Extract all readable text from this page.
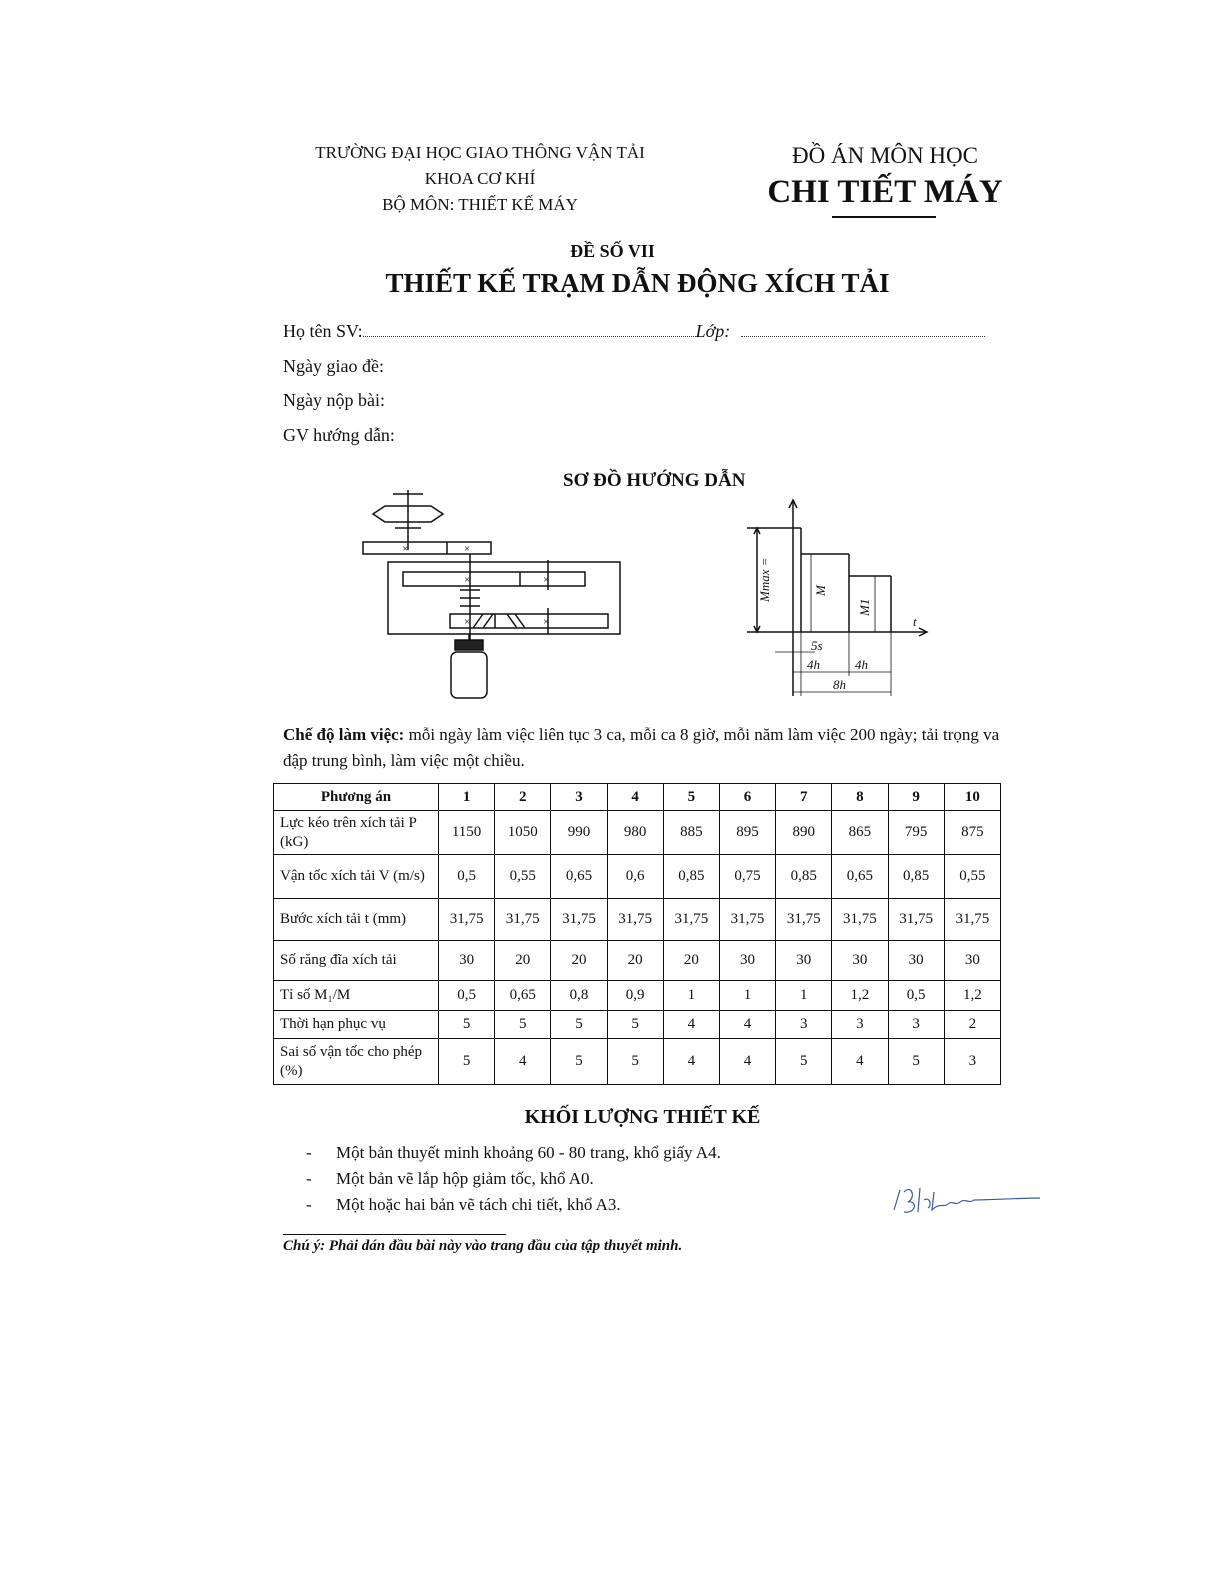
TRƯỜNG ĐẠI HỌC GIAO THÔNG VẬN TẢI
KHOA CƠ KHÍ
BỘ MÔN: THIẾT KẾ MÁY
ĐỒ ÁN MÔN HỌC
CHI TIẾT MÁY
ĐỀ SỐ VII
THIẾT KẾ TRẠM DẪN ĐỘNG XÍCH TẢI
Họ tên SV:	Lớp:
Ngày giao đề:
Ngày nộp bài:
GV hướng dẫn:
SƠ ĐỒ HƯỚNG DẪN
×	×
×	×
×	×
Mmax =	M
M1
t
5s
4h	4h
8h
Chế độ làm việc: mỗi ngày làm việc liên tục 3 ca, mỗi ca 8 giờ, mỗi năm làm việc 200 ngày; tải trọng va đập trung bình, làm việc một chiều.
Phương án	1	2	3	4	5	6	7	8	9	10
Lực kéo trên xích tải P (kG)	1150	1050	990	980	885	895	890	865	795	875
Vận tốc xích tải V (m/s)	0,5	0,55	0,65	0,6	0,85	0,75	0,85	0,65	0,85	0,55
Bước xích tải t (mm)	31,75	31,75	31,75	31,75	31,75	31,75	31,75	31,75	31,75	31,75
Số răng đĩa xích tải	30	20	20	20	20	30	30	30	30	30
Tỉ số M₁/M	0,5	0,65	0,8	0,9	1	1	1	1,2	0,5	1,2
Thời hạn phục vụ	5	5	5	5	4	4	3	3	3	2
Sai số vận tốc cho phép (%)	5	4	5	5	4	4	5	4	5	3
KHỐI LƯỢNG THIẾT KẾ
- Một bản thuyết minh khoảng 60 - 80 trang, khổ giấy A4.
- Một bản vẽ lắp hộp giảm tốc, khổ A0.
- Một hoặc hai bản vẽ tách chi tiết, khổ A3.
Chú ý: Phải dán đầu bài này vào trang đầu của tập thuyết minh.
